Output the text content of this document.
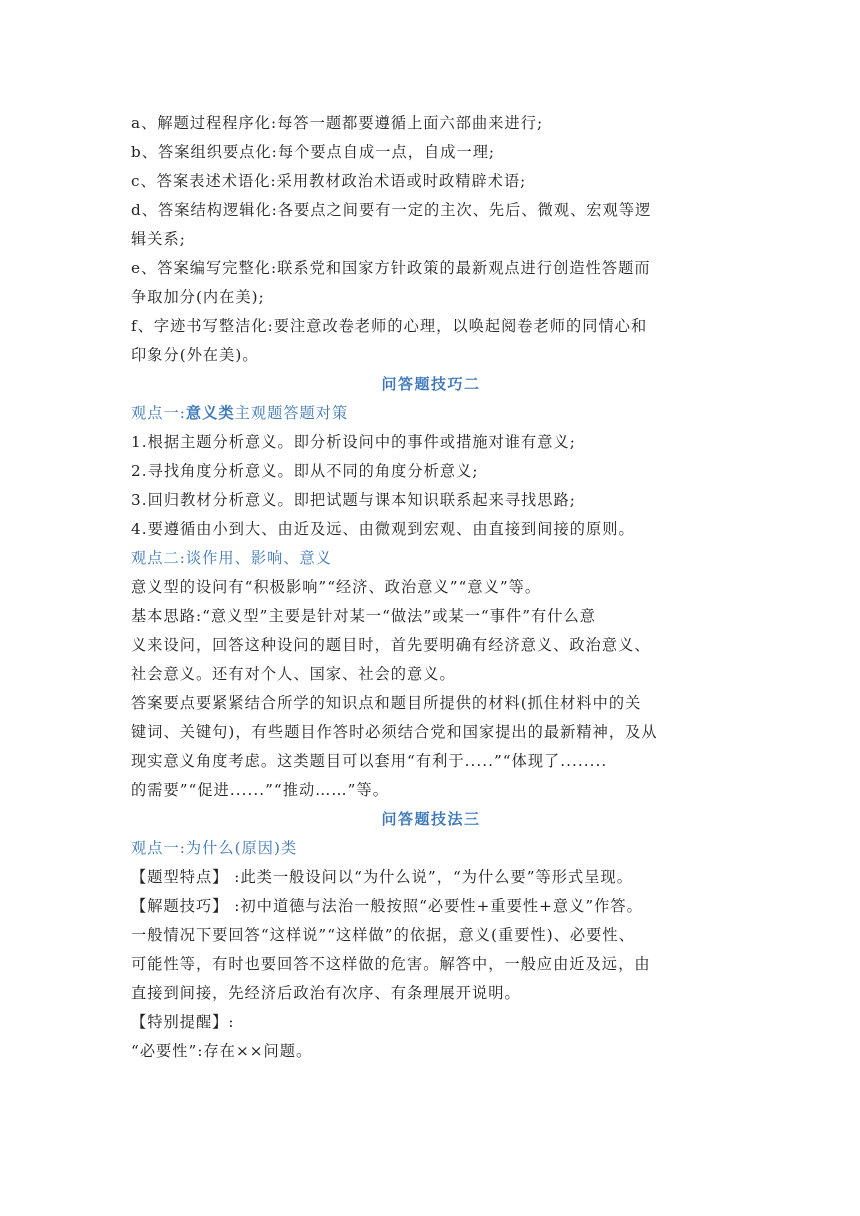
a、解题过程程序化:每答一题都要遵循上面六部曲来进行;
b、答案组织要点化:每个要点自成一点，自成一理;
c、答案表述术语化:采用教材政治术语或时政精辟术语;
d、答案结构逻辑化:各要点之间要有一定的主次、先后、微观、宏观等逻
辑关系;
e、答案编写完整化:联系党和国家方针政策的最新观点进行创造性答题而
争取加分(内在美);
f、字迹书写整洁化:要注意改卷老师的心理，以唤起阅卷老师的同情心和
印象分(外在美)。
问答题技巧二
观点一:意义类主观题答题对策
1.根据主题分析意义。即分析设问中的事件或措施对谁有意义;
2.寻找角度分析意义。即从不同的角度分析意义;
3.回归教材分析意义。即把试题与课本知识联系起来寻找思路;
4.要遵循由小到大、由近及远、由微观到宏观、由直接到间接的原则。
观点二:谈作用、影响、意义
意义型的设问有“积极影响”“经济、政治意义”“意义”等。
基本思路:“意义型”主要是针对某一“做法”或某一“事件”有什么意
义来设问，回答这种设问的题目时，首先要明确有经济意义、政治意义、
社会意义。还有对个人、国家、社会的意义。
答案要点要紧紧结合所学的知识点和题目所提供的材料(抓住材料中的关
键词、关键句)，有些题目作答时必须结合党和国家提出的最新精神，及从
现实意义角度考虑。这类题目可以套用“有利于.....”“体现了........
的需要”“促进......”“推动……”等。
问答题技法三
观点一:为什么(原因)类
【题型特点】 :此类一般设问以“为什么说”，“为什么要”等形式呈现。
【解题技巧】 :初中道德与法治一般按照“必要性+重要性+意义”作答。
一般情况下要回答“这样说”“这样做”的依据，意义(重要性)、必要性、
可能性等，有时也要回答不这样做的危害。解答中，一般应由近及远，由
直接到间接，先经济后政治有次序、有条理展开说明。
【特别提醒】:
“必要性”:存在××问题。
